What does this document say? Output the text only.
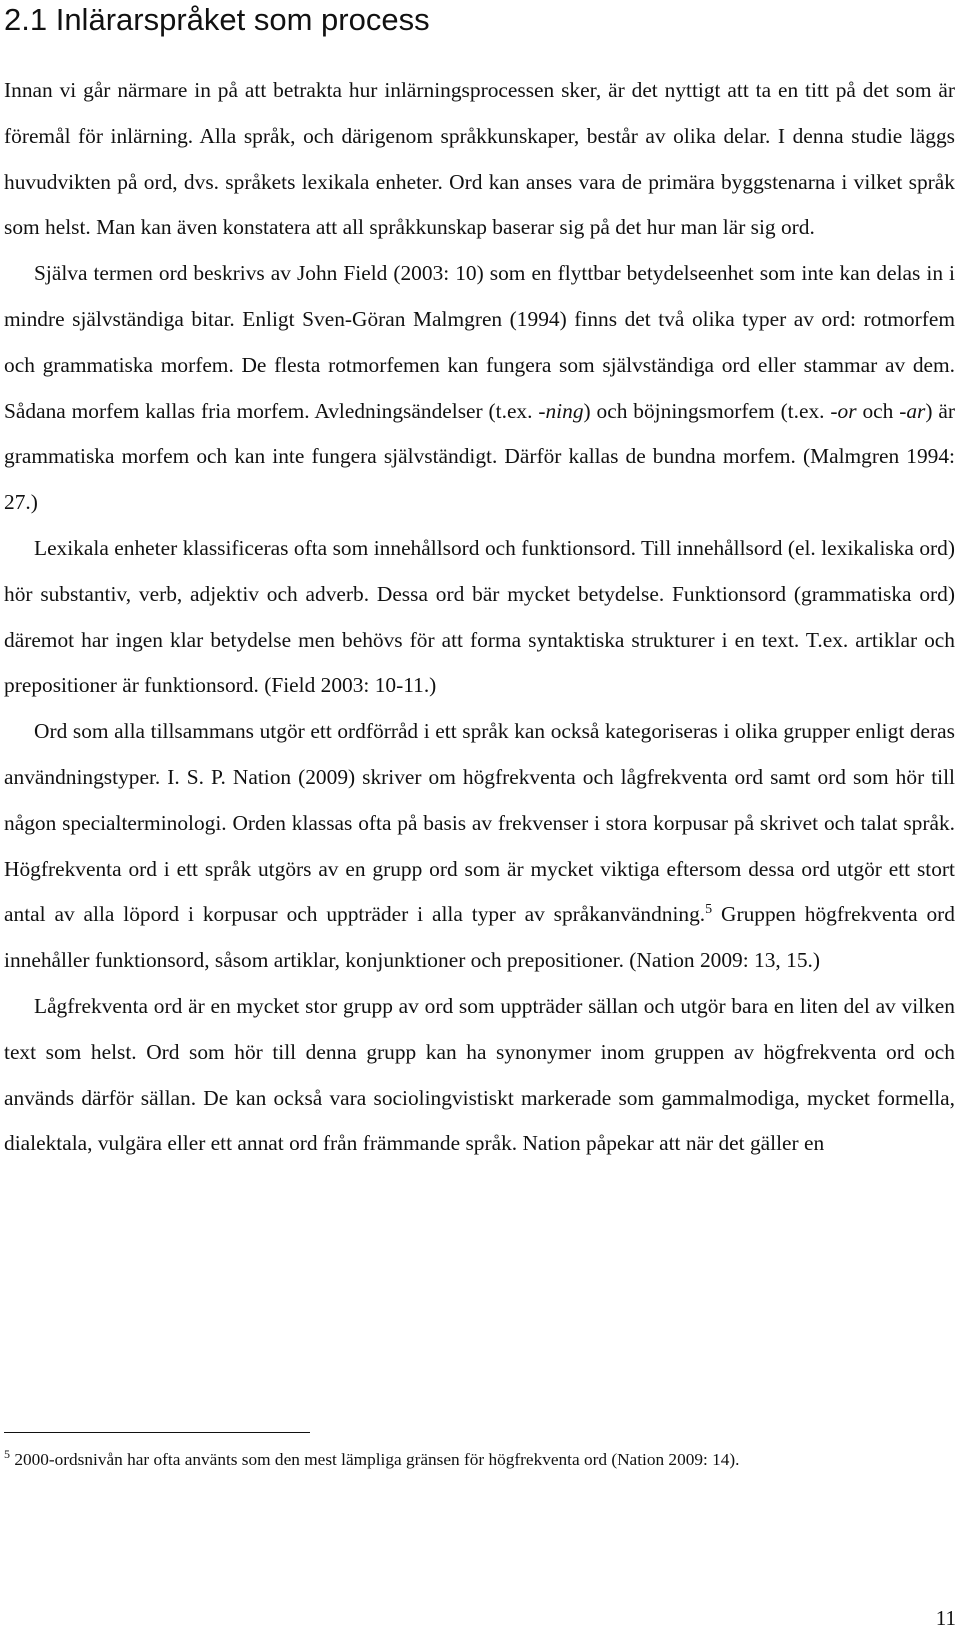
2.1 Inlärarspråket som process

Innan vi går närmare in på att betrakta hur inlärningsprocessen sker, är det nyttigt att ta en titt på det som är föremål för inlärning. Alla språk, och därigenom språkkunskaper, består av olika delar. I denna studie läggs huvudvikten på ord, dvs. språkets lexikala enheter. Ord kan anses vara de primära byggstenarna i vilket språk som helst. Man kan även konstatera att all språkkunskap baserar sig på det hur man lär sig ord.

Själva termen ord beskrivs av John Field (2003: 10) som en flyttbar betydelseenhet som inte kan delas in i mindre självständiga bitar. Enligt Sven-Göran Malmgren (1994) finns det två olika typer av ord: rotmorfem och grammatiska morfem. De flesta rotmorfemen kan fungera som självständiga ord eller stammar av dem. Sådana morfem kallas fria morfem. Avledningsändelser (t.ex. -ning) och böjningsmorfem (t.ex. -or och -ar) är grammatiska morfem och kan inte fungera självständigt. Därför kallas de bundna morfem. (Malmgren 1994: 27.)

Lexikala enheter klassificeras ofta som innehållsord och funktionsord. Till innehållsord (el. lexikaliska ord) hör substantiv, verb, adjektiv och adverb. Dessa ord bär mycket betydelse. Funktionsord (grammatiska ord) däremot har ingen klar betydelse men behövs för att forma syntaktiska strukturer i en text. T.ex. artiklar och prepositioner är funktionsord. (Field 2003: 10-11.)

Ord som alla tillsammans utgör ett ordförråd i ett språk kan också kategoriseras i olika grupper enligt deras användningstyper. I. S. P. Nation (2009) skriver om högfrekventa och lågfrekventa ord samt ord som hör till någon specialterminologi. Orden klassas ofta på basis av frekvenser i stora korpusar på skrivet och talat språk. Högfrekventa ord i ett språk utgörs av en grupp ord som är mycket viktiga eftersom dessa ord utgör ett stort antal av alla löpord i korpusar och uppträder i alla typer av språkanvändning.$^5$ Gruppen högfrekventa ord innehåller funktionsord, såsom artiklar, konjunktioner och prepositioner. (Nation 2009: 13, 15.)

Lågfrekventa ord är en mycket stor grupp av ord som uppträder sällan och utgör bara en liten del av vilken text som helst. Ord som hör till denna grupp kan ha synonymer inom gruppen av högfrekventa ord och används därför sällan. De kan också vara sociolingvistiskt markerade som gammalmodiga, mycket formella, dialektala, vulgära eller ett annat ord från främmande språk. Nation påpekar att när det gäller en

$^5$ 2000-ordsnivån har ofta använts som den mest lämpliga gränsen för högfrekventa ord (Nation 2009: 14).
11
